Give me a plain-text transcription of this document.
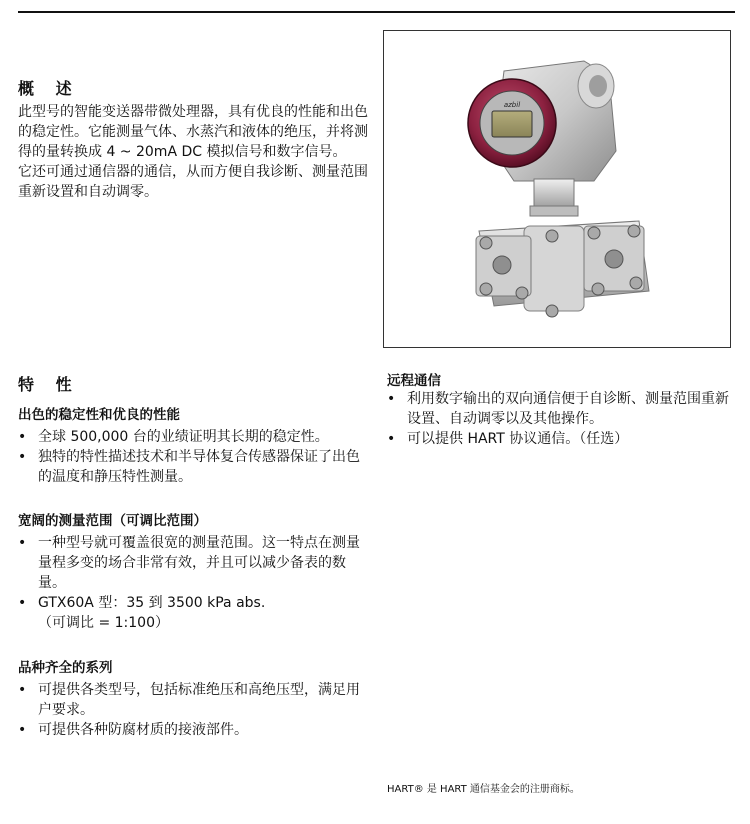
概　 述

此型号的智能变送器带微处理器，具有优良的性能和出色的稳定性。它能测量气体、水蒸汽和液体的绝压，并将测得的量转换成 4 ~ 20mA DC 模拟信号和数字信号。

它还可通过通信器的通信，从而方便自我诊断、测量范围重新设置和自动调零。

azbil
特　 性
出色的稳定性和优良的性能
• 全球 500,000 台的业绩证明其长期的稳定性。
• 独特的特性描述技术和半导体复合传感器保证了出色的温度和静压特性测量。
宽阔的测量范围（可调比范围）
• 一种型号就可覆盖很宽的测量范围。这一特点在测量量程多变的场合非常有效，并且可以减少备表的数量。
• GTX60A 型：35 到 3500 kPa abs.
（可调比 = 1:100）
品种齐全的系列
• 可提供各类型号，包括标准绝压和高绝压型，满足用户要求。
• 可提供各种防腐材质的接液部件。
远程通信
• 利用数字输出的双向通信便于自诊断、测量范围重新设置、自动调零以及其他操作。
• 可以提供 HART 协议通信。（任选）
HART® 是 HART 通信基金会的注册商标。
